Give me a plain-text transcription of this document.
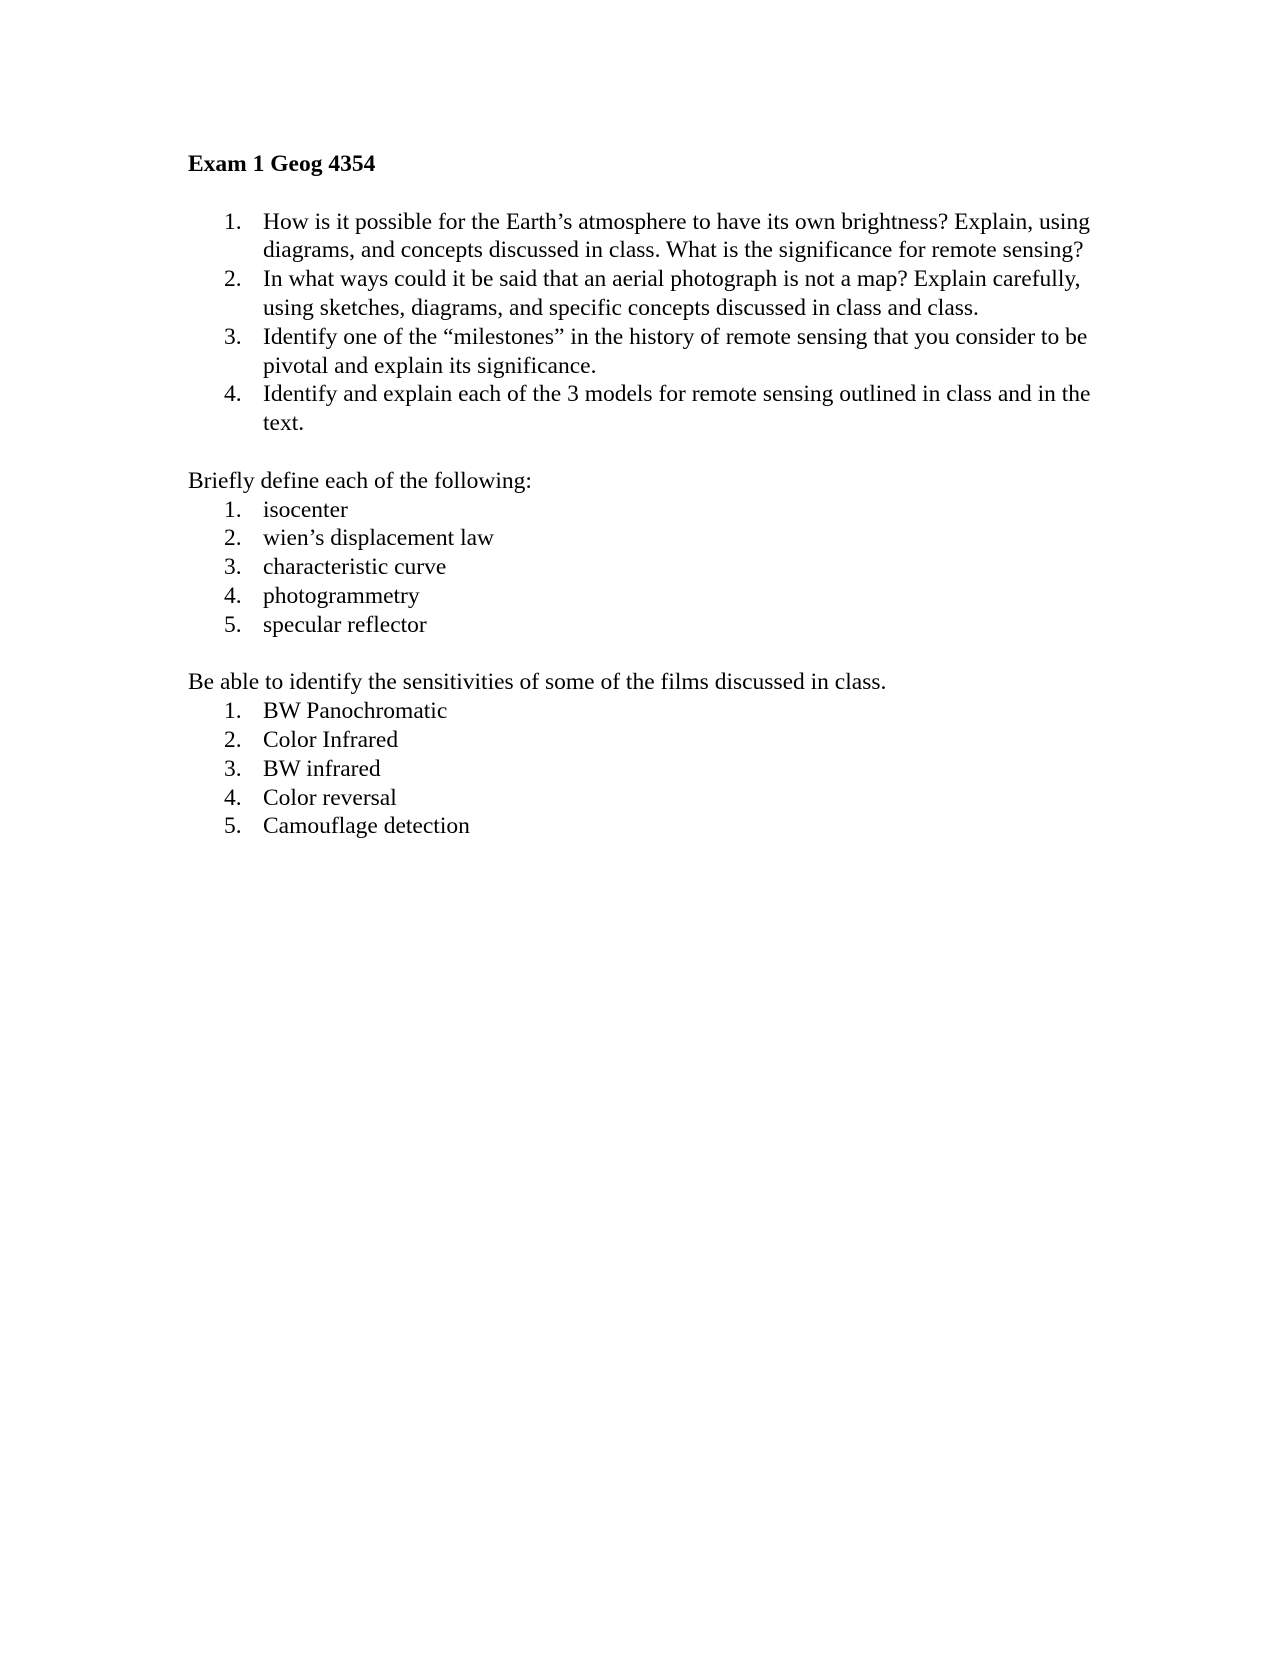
Exam 1 Geog 4354

1. How is it possible for the Earth’s atmosphere to have its own brightness? Explain, using diagrams, and concepts discussed in class. What is the significance for remote sensing?
2. In what ways could it be said that an aerial photograph is not a map? Explain carefully, using sketches, diagrams, and specific concepts discussed in class and class.
3. Identify one of the “milestones” in the history of remote sensing that you consider to be pivotal and explain its significance.
4. Identify and explain each of the 3 models for remote sensing outlined in class and in the text.

Briefly define each of the following:

1. isocenter
2. wien’s displacement law
3. characteristic curve
4. photogrammetry
5. specular reflector

Be able to identify the sensitivities of some of the films discussed in class.

1. BW Panochromatic
2. Color Infrared
3. BW infrared
4. Color reversal
5. Camouflage detection
